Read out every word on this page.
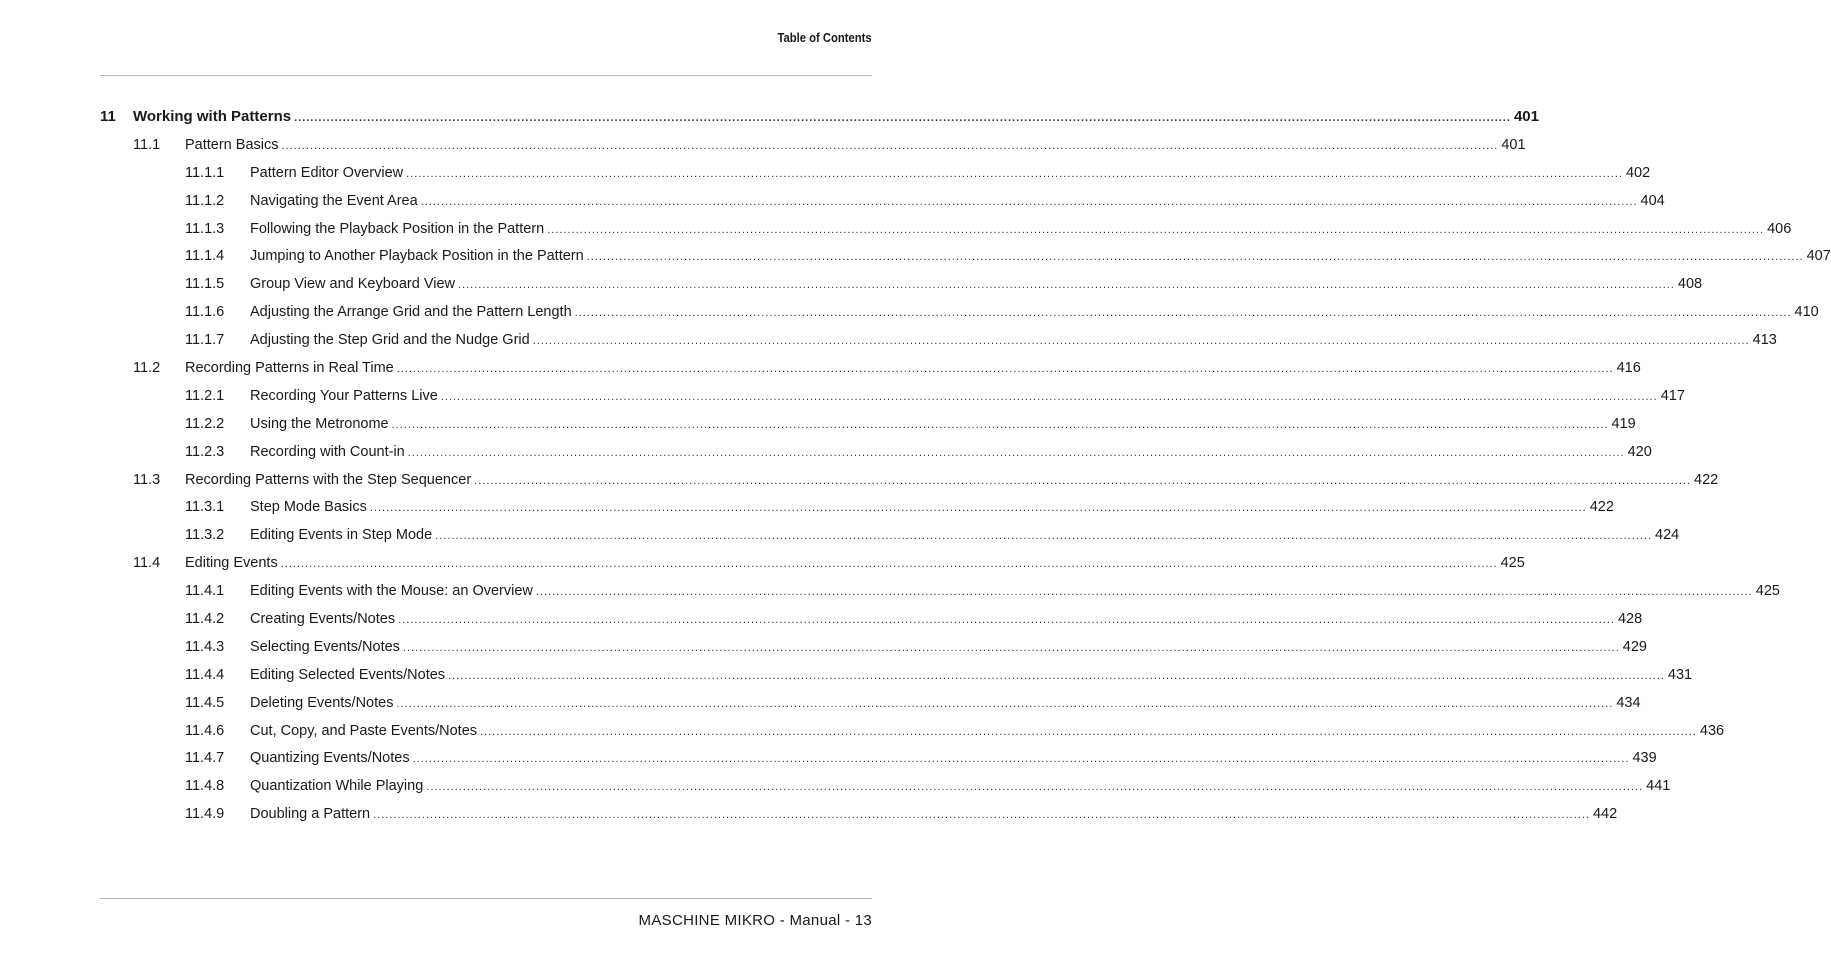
Table of Contents
11 Working with Patterns ............................................................................................................................................................................................................................................................................................................ 401
11.1 Pattern Basics ............................................................................................................................................................................................................................................................................................................ 401
11.1.1 Pattern Editor Overview ............................................................................................................................................................................................................................................................................................................ 402
11.1.2 Navigating the Event Area ............................................................................................................................................................................................................................................................................................................ 404
11.1.3 Following the Playback Position in the Pattern ............................................................................................................................................................................................................................................................................................................ 406
11.1.4 Jumping to Another Playback Position in the Pattern ............................................................................................................................................................................................................................................................................................................ 407
11.1.5 Group View and Keyboard View ............................................................................................................................................................................................................................................................................................................ 408
11.1.6 Adjusting the Arrange Grid and the Pattern Length ............................................................................................................................................................................................................................................................................................................ 410
11.1.7 Adjusting the Step Grid and the Nudge Grid ............................................................................................................................................................................................................................................................................................................ 413
11.2 Recording Patterns in Real Time ............................................................................................................................................................................................................................................................................................................ 416
11.2.1 Recording Your Patterns Live ............................................................................................................................................................................................................................................................................................................ 417
11.2.2 Using the Metronome ............................................................................................................................................................................................................................................................................................................ 419
11.2.3 Recording with Count-in ............................................................................................................................................................................................................................................................................................................ 420
11.3 Recording Patterns with the Step Sequencer ............................................................................................................................................................................................................................................................................................................ 422
11.3.1 Step Mode Basics ............................................................................................................................................................................................................................................................................................................ 422
11.3.2 Editing Events in Step Mode ............................................................................................................................................................................................................................................................................................................ 424
11.4 Editing Events ............................................................................................................................................................................................................................................................................................................ 425
11.4.1 Editing Events with the Mouse: an Overview ............................................................................................................................................................................................................................................................................................................ 425
11.4.2 Creating Events/Notes ............................................................................................................................................................................................................................................................................................................ 428
11.4.3 Selecting Events/Notes ............................................................................................................................................................................................................................................................................................................ 429
11.4.4 Editing Selected Events/Notes ............................................................................................................................................................................................................................................................................................................ 431
11.4.5 Deleting Events/Notes ............................................................................................................................................................................................................................................................................................................ 434
11.4.6 Cut, Copy, and Paste Events/Notes ............................................................................................................................................................................................................................................................................................................ 436
11.4.7 Quantizing Events/Notes ............................................................................................................................................................................................................................................................................................................ 439
11.4.8 Quantization While Playing ............................................................................................................................................................................................................................................................................................................ 441
11.4.9 Doubling a Pattern ............................................................................................................................................................................................................................................................................................................ 442
MASCHINE MIKRO - Manual - 13
